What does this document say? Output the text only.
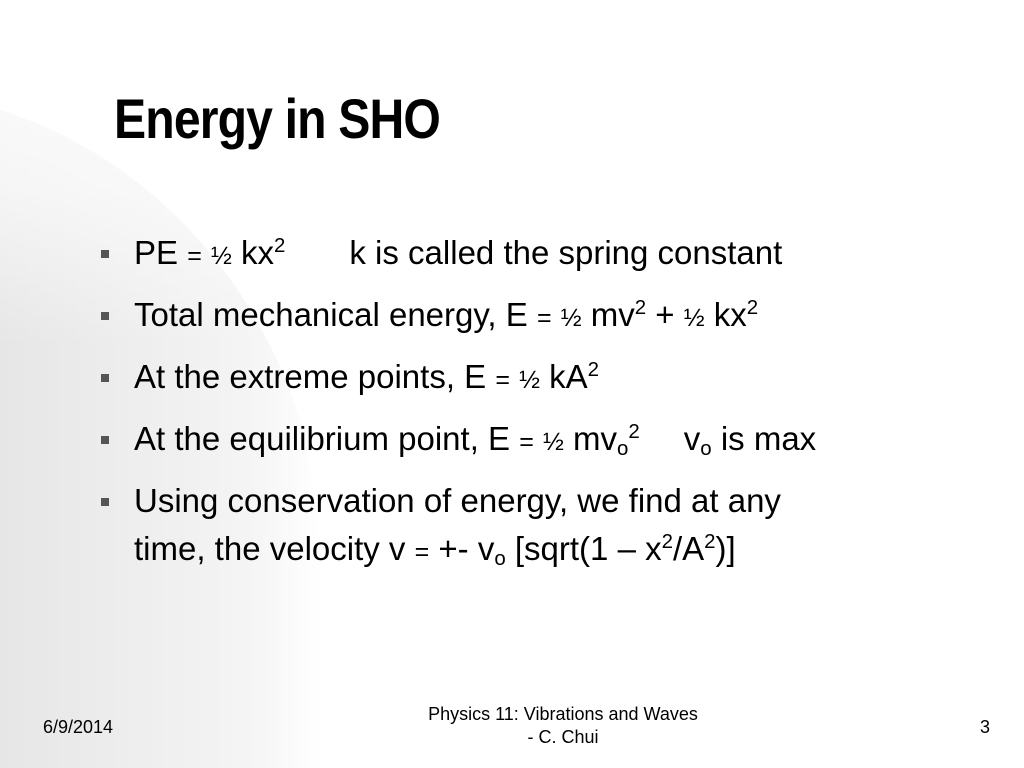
Energy in SHO
PE = ½ $kx^2$ k is called the spring constant
Total mechanical energy, E = ½ $mv^2$ + ½ $kx^2$
At the extreme points, E = ½ $kA^2$
At the equilibrium point, E = ½ $mv_o^2$ $v_o$ is max
Using conservation of energy, we find at any
time, the velocity v = +- $v_o$ [sqrt(1 – $x^2/A^2$)]
6/9/2014
Physics 11: Vibrations and Waves
- C. Chui	3
